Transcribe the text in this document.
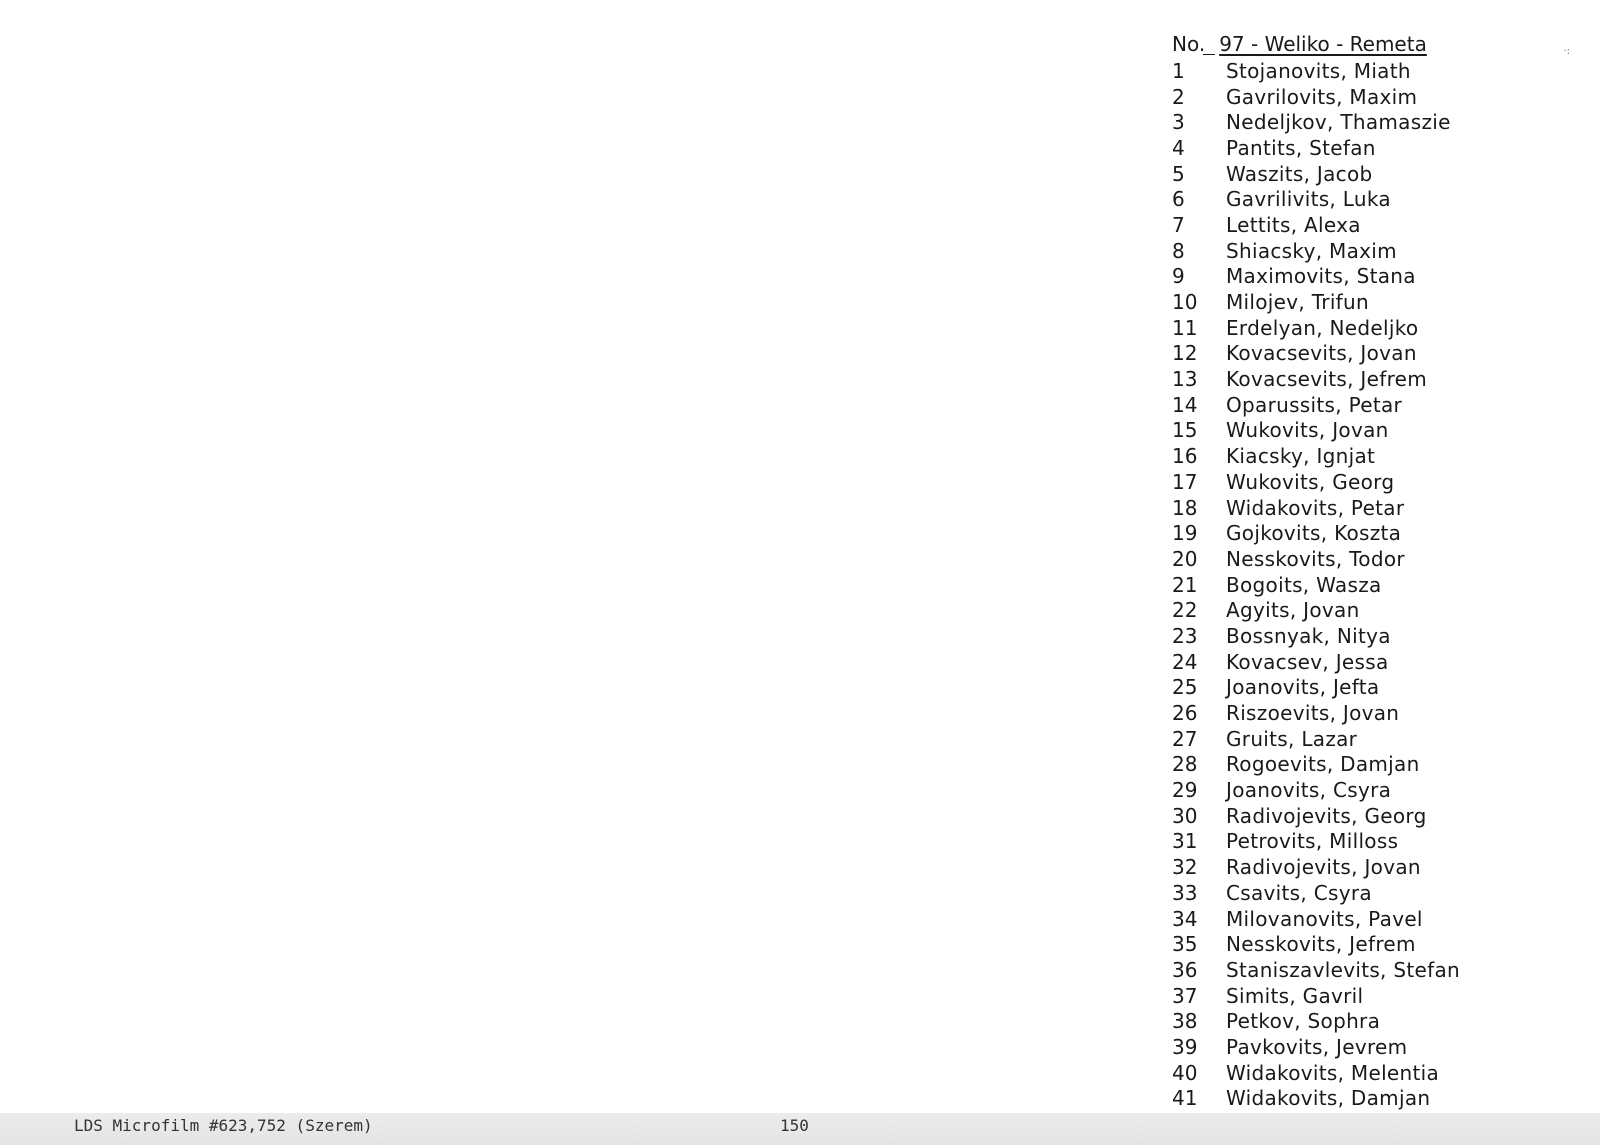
No. 97 - Weliko - Remeta
1	Stojanovits, Miath
2	Gavrilovits, Maxim
3	Nedeljkov, Thamaszie
4	Pantits, Stefan
5	Waszits, Jacob
6	Gavrilivits, Luka
7	Lettits, Alexa
8	Shiacsky, Maxim
9	Maximovits, Stana
10	Milojev, Trifun
11	Erdelyan, Nedeljko
12	Kovacsevits, Jovan
13	Kovacsevits, Jefrem
14	Oparussits, Petar
15	Wukovits, Jovan
16	Kiacsky, Ignjat
17	Wukovits, Georg
18	Widakovits, Petar
19	Gojkovits, Koszta
20	Nesskovits, Todor
21	Bogoits, Wasza
22	Agyits, Jovan
23	Bossnyak, Nitya
24	Kovacsev, Jessa
25	Joanovits, Jefta
26	Riszoevits, Jovan
27	Gruits, Lazar
28	Rogoevits, Damjan
29	Joanovits, Csyra
30	Radivojevits, Georg
31	Petrovits, Milloss
32	Radivojevits, Jovan
33	Csavits, Csyra
34	Milovanovits, Pavel
35	Nesskovits, Jefrem
36	Staniszavlevits, Stefan
37	Simits, Gavril
38	Petkov, Sophra
39	Pavkovits, Jevrem
40	Widakovits, Melentia
41	Widakovits, Damjan
·:
LDS Microfilm #623,752 (Szerem)	150
